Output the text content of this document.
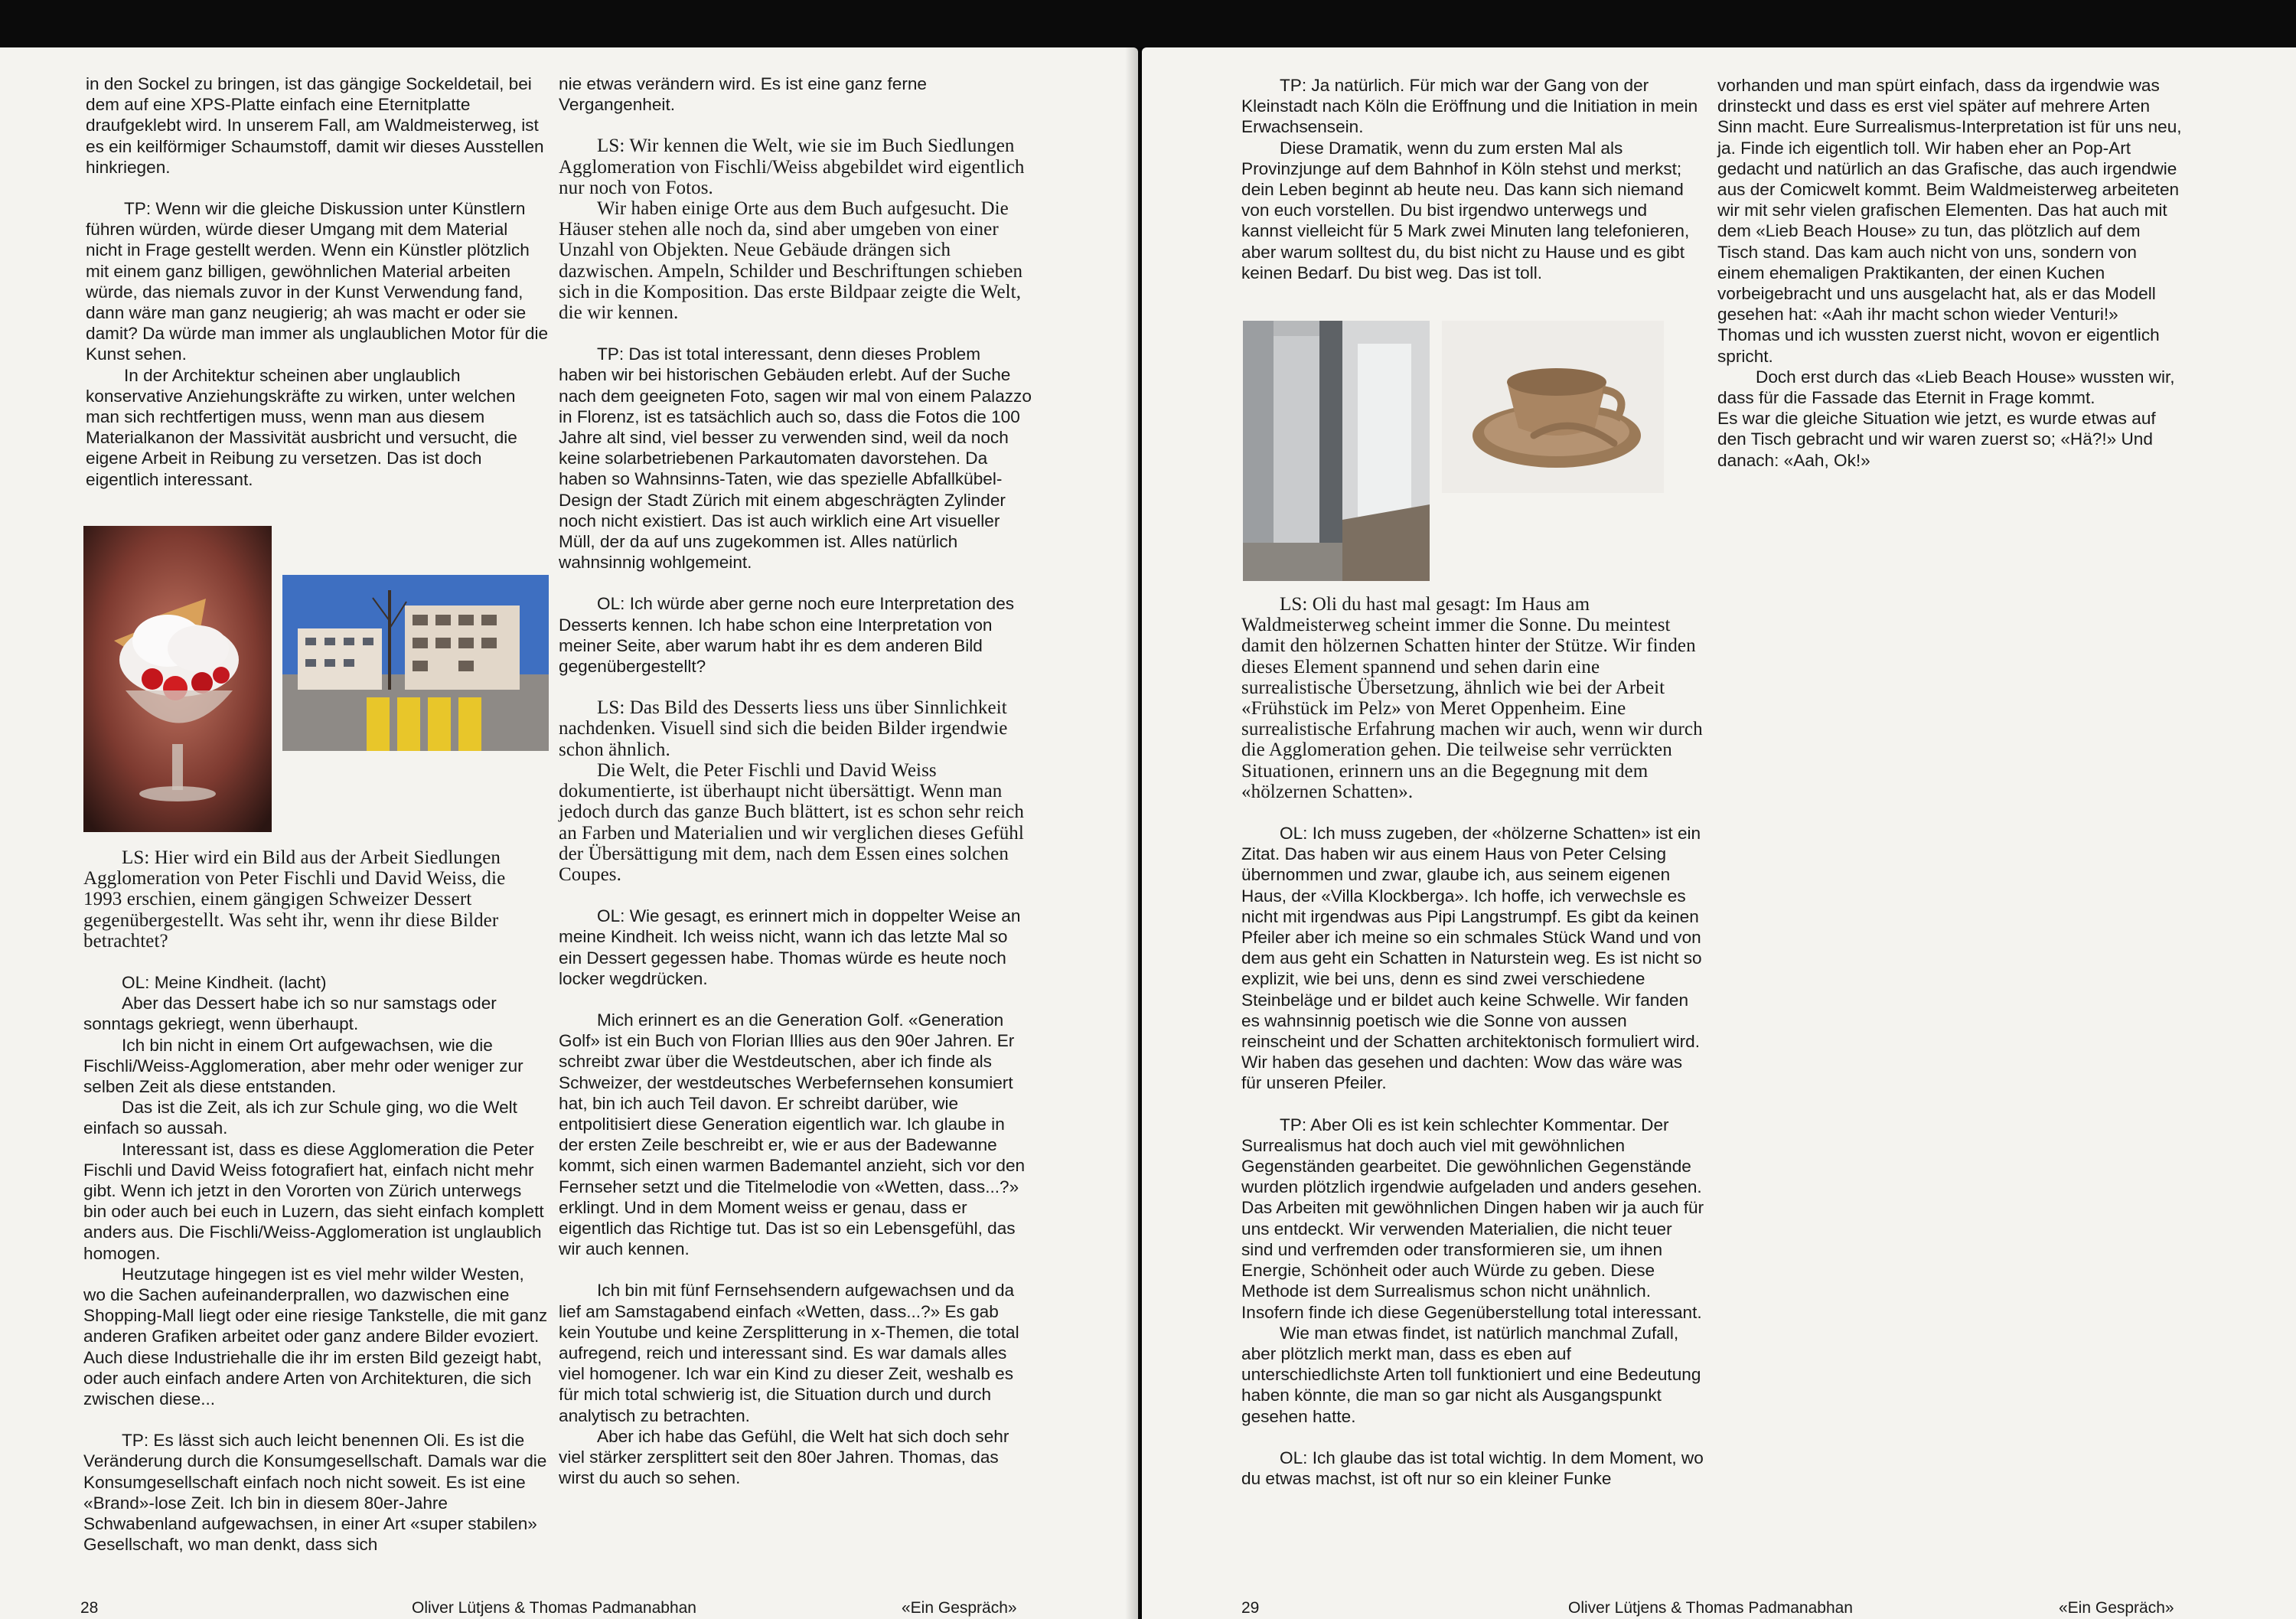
in den Sockel zu bringen, ist das gängige Sockeldetail, bei dem auf eine XPS-Platte einfach eine Eternitplatte draufgeklebt wird. In unserem Fall, am Waldmeisterweg, ist es ein keilförmiger Schaumstoff, damit wir dieses Ausstellen hinkriegen.

TP: Wenn wir die gleiche Diskussion unter Künstlern führen würden, würde dieser Umgang mit dem Material nicht in Frage gestellt werden. Wenn ein Künstler plötzlich mit einem ganz billigen, gewöhnlichen Material arbeiten würde, das niemals zuvor in der Kunst Verwendung fand, dann wäre man ganz neugierig; ah was macht er oder sie damit? Da würde man immer als unglaublichen Motor für die Kunst sehen.

In der Architektur scheinen aber unglaublich konservative Anziehungskräfte zu wirken, unter welchen man sich rechtfertigen muss, wenn man aus diesem Materialkanon der Massivität ausbricht und versucht, die eigene Arbeit in Reibung zu versetzen. Das ist doch eigentlich interessant.

LS: Hier wird ein Bild aus der Arbeit Siedlungen Agglomeration von Peter Fischli und David Weiss, die 1993 erschien, einem gängigen Schweizer Dessert gegenübergestellt. Was seht ihr, wenn ihr diese Bilder betrachtet?

OL: Meine Kindheit. (lacht)

Aber das Dessert habe ich so nur samstags oder sonntags gekriegt, wenn überhaupt.

Ich bin nicht in einem Ort aufgewachsen, wie die Fischli/Weiss-Agglomeration, aber mehr oder weniger zur selben Zeit als diese entstanden.

Das ist die Zeit, als ich zur Schule ging, wo die Welt einfach so aussah.

Interessant ist, dass es diese Agglomeration die Peter Fischli und David Weiss fotografiert hat, einfach nicht mehr gibt. Wenn ich jetzt in den Vororten von Zürich unterwegs bin oder auch bei euch in Luzern, das sieht einfach komplett anders aus. Die Fischli/Weiss-Agglomeration ist unglaublich homogen.

Heutzutage hingegen ist es viel mehr wilder Westen, wo die Sachen aufeinanderprallen, wo dazwischen eine Shopping-Mall liegt oder eine riesige Tankstelle, die mit ganz anderen Grafiken arbeitet oder ganz andere Bilder evoziert. Auch diese Industriehalle die ihr im ersten Bild gezeigt habt, oder auch einfach andere Arten von Architekturen, die sich zwischen diese...

TP: Es lässt sich auch leicht benennen Oli. Es ist die Veränderung durch die Konsumgesellschaft. Damals war die Konsumgesellschaft einfach noch nicht soweit. Es ist eine «Brand»-lose Zeit. Ich bin in diesem 80er-Jahre Schwabenland aufgewachsen, in einer Art «super stabilen» Gesellschaft, wo man denkt, dass sich

nie etwas verändern wird. Es ist eine ganz ferne Vergangenheit.

LS: Wir kennen die Welt, wie sie im Buch Siedlungen Agglomeration von Fischli/Weiss abgebildet wird eigentlich nur noch von Fotos.

Wir haben einige Orte aus dem Buch aufgesucht. Die Häuser stehen alle noch da, sind aber umgeben von einer Unzahl von Objekten. Neue Gebäude drängen sich dazwischen. Ampeln, Schilder und Beschriftungen schieben sich in die Komposition. Das erste Bildpaar zeigte die Welt, die wir kennen.

TP: Das ist total interessant, denn dieses Problem haben wir bei historischen Gebäuden erlebt. Auf der Suche nach dem geeigneten Foto, sagen wir mal von einem Palazzo in Florenz, ist es tatsächlich auch so, dass die Fotos die 100 Jahre alt sind, viel besser zu verwenden sind, weil da noch keine solarbetriebenen Parkautomaten davorstehen. Da haben so Wahnsinns-Taten, wie das spezielle Abfallkübel-Design der Stadt Zürich mit einem abgeschrägten Zylinder noch nicht existiert. Das ist auch wirklich eine Art visueller Müll, der da auf uns zugekommen ist. Alles natürlich wahnsinnig wohlgemeint.

OL: Ich würde aber gerne noch eure Interpretation des Desserts kennen. Ich habe schon eine Interpretation von meiner Seite, aber warum habt ihr es dem anderen Bild gegenübergestellt?

LS: Das Bild des Desserts liess uns über Sinnlichkeit nachdenken. Visuell sind sich die beiden Bilder irgendwie schon ähnlich.

Die Welt, die Peter Fischli und David Weiss dokumentierte, ist überhaupt nicht übersättigt. Wenn man jedoch durch das ganze Buch blättert, ist es schon sehr reich an Farben und Materialien und wir verglichen dieses Gefühl der Übersättigung mit dem, nach dem Essen eines solchen Coupes.

OL: Wie gesagt, es erinnert mich in doppelter Weise an meine Kindheit. Ich weiss nicht, wann ich das letzte Mal so ein Dessert gegessen habe. Thomas würde es heute noch locker wegdrücken.

Mich erinnert es an die Generation Golf. «Generation Golf» ist ein Buch von Florian Illies aus den 90er Jahren. Er schreibt zwar über die Westdeutschen, aber ich finde als Schweizer, der westdeutsches Werbefernsehen konsumiert hat, bin ich auch Teil davon. Er schreibt darüber, wie entpolitisiert diese Generation eigentlich war. Ich glaube in der ersten Zeile beschreibt er, wie er aus der Badewanne kommt, sich einen warmen Bademantel anzieht, sich vor den Fernseher setzt und die Titelmelodie von «Wetten, dass...?» erklingt. Und in dem Moment weiss er genau, dass er eigentlich das Richtige tut. Das ist so ein Lebensgefühl, das wir auch kennen.

Ich bin mit fünf Fernsehsendern aufgewachsen und da lief am Samstagabend einfach «Wetten, dass...?» Es gab kein Youtube und keine Zersplitterung in x-Themen, die total aufregend, reich und interessant sind. Es war damals alles viel homogener. Ich war ein Kind zu dieser Zeit, weshalb es für mich total schwierig ist, die Situation durch und durch analytisch zu betrachten.

Aber ich habe das Gefühl, die Welt hat sich doch sehr viel stärker zersplittert seit den 80er Jahren. Thomas, das wirst du auch so sehen.

28	Oliver Lütjens & Thomas Padmanabhan	«Ein Gespräch»

TP: Ja natürlich. Für mich war der Gang von der Kleinstadt nach Köln die Eröffnung und die Initiation in mein Erwachsensein.

Diese Dramatik, wenn du zum ersten Mal als Provinzjunge auf dem Bahnhof in Köln stehst und merkst; dein Leben beginnt ab heute neu. Das kann sich niemand von euch vorstellen. Du bist irgendwo unterwegs und kannst vielleicht für 5 Mark zwei Minuten lang telefonieren, aber warum solltest du, du bist nicht zu Hause und es gibt keinen Bedarf. Du bist weg. Das ist toll.

LS: Oli du hast mal gesagt: Im Haus am Waldmeisterweg scheint immer die Sonne. Du meintest damit den hölzernen Schatten hinter der Stütze. Wir finden dieses Element spannend und sehen darin eine surrealistische Übersetzung, ähnlich wie bei der Arbeit «Frühstück im Pelz» von Meret Oppenheim. Eine surrealistische Erfahrung machen wir auch, wenn wir durch die Agglomeration gehen. Die teilweise sehr verrückten Situationen, erinnern uns an die Begegnung mit dem «hölzernen Schatten».

OL: Ich muss zugeben, der «hölzerne Schatten» ist ein Zitat. Das haben wir aus einem Haus von Peter Celsing übernommen und zwar, glaube ich, aus seinem eigenen Haus, der «Villa Klockberga». Ich hoffe, ich verwechsle es nicht mit irgendwas aus Pipi Langstrumpf. Es gibt da keinen Pfeiler aber ich meine so ein schmales Stück Wand und von dem aus geht ein Schatten in Naturstein weg. Es ist nicht so explizit, wie bei uns, denn es sind zwei verschiedene Steinbeläge und er bildet auch keine Schwelle. Wir fanden es wahnsinnig poetisch wie die Sonne von aussen reinscheint und der Schatten architektonisch formuliert wird. Wir haben das gesehen und dachten: Wow das wäre was für unseren Pfeiler.

TP: Aber Oli es ist kein schlechter Kommentar. Der Surrealismus hat doch auch viel mit gewöhnlichen Gegenständen gearbeitet. Die gewöhnlichen Gegenstände wurden plötzlich irgendwie aufgeladen und anders gesehen. Das Arbeiten mit gewöhnlichen Dingen haben wir ja auch für uns entdeckt. Wir verwenden Materialien, die nicht teuer sind und verfremden oder transformieren sie, um ihnen Energie, Schönheit oder auch Würde zu geben. Diese Methode ist dem Surrealismus schon nicht unähnlich. Insofern finde ich diese Gegenüberstellung total interessant.

Wie man etwas findet, ist natürlich manchmal Zufall, aber plötzlich merkt man, dass es eben auf unterschiedlichste Arten toll funktioniert und eine Bedeutung haben könnte, die man so gar nicht als Ausgangspunkt gesehen hatte.

OL: Ich glaube das ist total wichtig. In dem Moment, wo du etwas machst, ist oft nur so ein kleiner Funke

vorhanden und man spürt einfach, dass da irgendwie was drinsteckt und dass es erst viel später auf mehrere Arten Sinn macht. Eure Surrealismus-Interpretation ist für uns neu, ja. Finde ich eigentlich toll. Wir haben eher an Pop-Art gedacht und natürlich an das Grafische, das auch irgendwie aus der Comicwelt kommt. Beim Waldmeisterweg arbeiteten wir mit sehr vielen grafischen Elementen. Das hat auch mit dem «Lieb Beach House» zu tun, das plötzlich auf dem Tisch stand. Das kam auch nicht von uns, sondern von einem ehemaligen Praktikanten, der einen Kuchen vorbeigebracht und uns ausgelacht hat, als er das Modell gesehen hat: «Aah ihr macht schon wieder Venturi!» Thomas und ich wussten zuerst nicht, wovon er eigentlich spricht.

Doch erst durch das «Lieb Beach House» wussten wir, dass für die Fassade das Eternit in Frage kommt.

Es war die gleiche Situation wie jetzt, es wurde etwas auf den Tisch gebracht und wir waren zuerst so; «Hä?!» Und danach: «Aah, Ok!»

29	Oliver Lütjens & Thomas Padmanabhan	«Ein Gespräch»
